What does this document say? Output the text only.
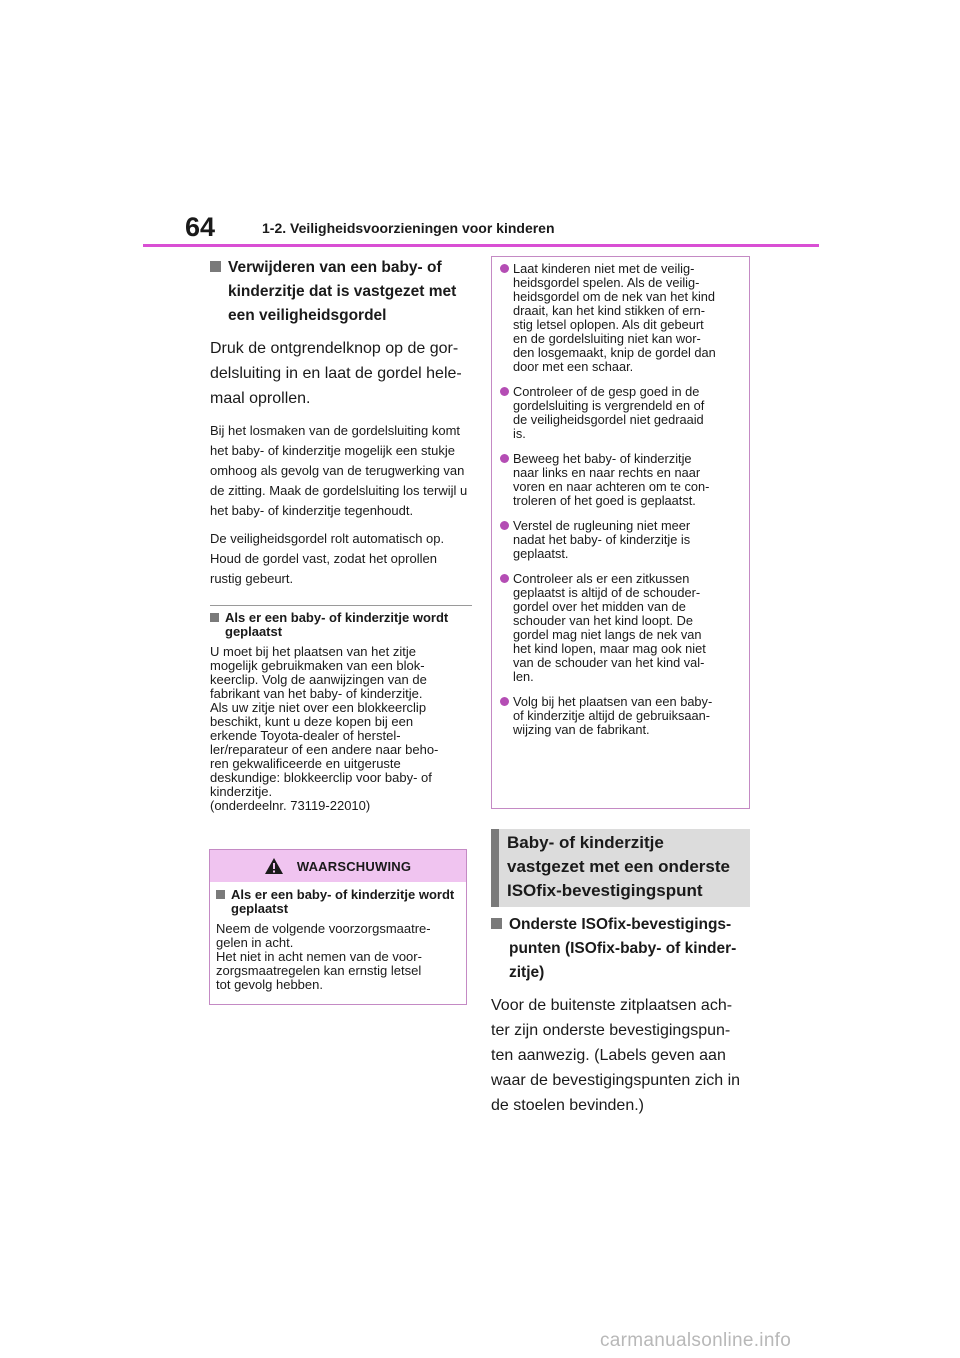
64	1-2. Veiligheidsvoorzieningen voor kinderen
Verwijderen van een baby- of kinderzitje dat is vastgezet met een veiligheidsgordel
Druk de ontgrendelknop op de gor-delsluiting in en laat de gordel hele-maal oprollen.
Bij het losmaken van de gordelsluiting komt het baby- of kinderzitje mogelijk een stukje omhoog als gevolg van de terugwerking van de zitting. Maak de gordelsluiting los terwijl u het baby- of kinderzitje tegenhoudt.
De veiligheidsgordel rolt automatisch op. Houd de gordel vast, zodat het oprollen rustig gebeurt.
Als er een baby- of kinderzitje wordt geplaatst
U moet bij het plaatsen van het zitje
mogelijk gebruikmaken van een blok-
keerclip. Volg de aanwijzingen van de
fabrikant van het baby- of kinderzitje.
Als uw zitje niet over een blokkeerclip
beschikt, kunt u deze kopen bij een
erkende Toyota-dealer of herstel-
ler/reparateur of een andere naar beho-
ren gekwalificeerde en uitgeruste
deskundige: blokkeerclip voor baby- of
kinderzitje.
(onderdeelnr. 73119-22010)
WAARSCHUWING
Als er een baby- of kinderzitje wordt geplaatst
Neem de volgende voorzorgsmaatre-
gelen in acht.
Het niet in acht nemen van de voor-
zorgsmaatregelen kan ernstig letsel
tot gevolg hebben.
Laat kinderen niet met de veilig-
heidsgordel spelen. Als de veilig-
heidsgordel om de nek van het kind
draait, kan het kind stikken of ern-
stig letsel oplopen. Als dit gebeurt
en de gordelsluiting niet kan wor-
den losgemaakt, knip de gordel dan
door met een schaar.
Controleer of de gesp goed in de
gordelsluiting is vergrendeld en of
de veiligheidsgordel niet gedraaid
is.
Beweeg het baby- of kinderzitje
naar links en naar rechts en naar
voren en naar achteren om te con-
troleren of het goed is geplaatst.
Verstel de rugleuning niet meer
nadat het baby- of kinderzitje is
geplaatst.
Controleer als er een zitkussen
geplaatst is altijd of de schouder-
gordel over het midden van de
schouder van het kind loopt. De
gordel mag niet langs de nek van
het kind lopen, maar mag ook niet
van de schouder van het kind val-
len.
Volg bij het plaatsen van een baby-
of kinderzitje altijd de gebruiksaan-
wijzing van de fabrikant.
Baby- of kinderzitje
vastgezet met een onderste
ISOfix-bevestigingspunt
Onderste ISOfix-bevestigings-
punten (ISOfix-baby- of kinder-
zitje)
Voor de buitenste zitplaatsen ach-
ter zijn onderste bevestigingspun-
ten aanwezig. (Labels geven aan
waar de bevestigingspunten zich in
de stoelen bevinden.)
carmanualsonline.info
